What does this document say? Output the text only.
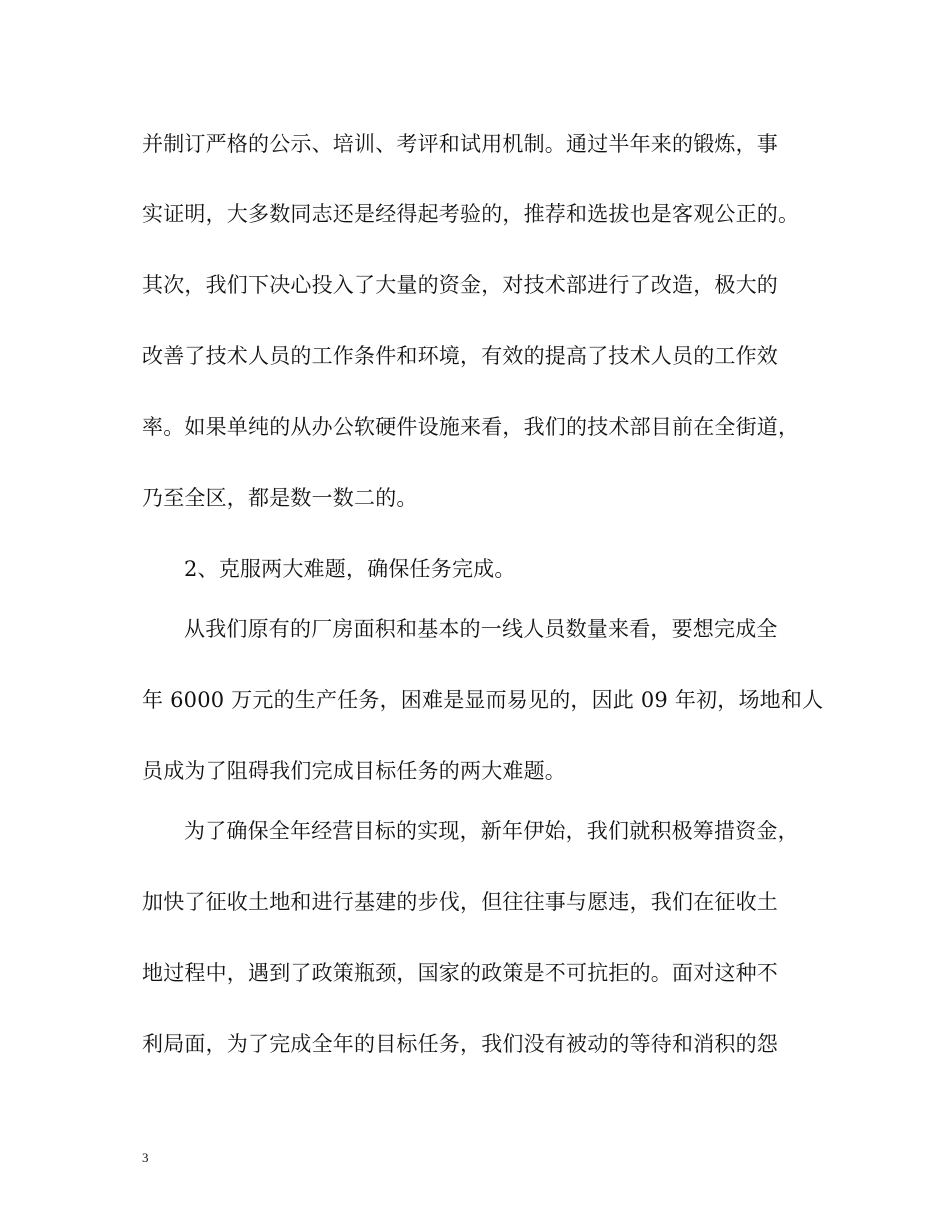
并制订严格的公示、培训、考评和试用机制。通过半年来的锻炼，事
实证明，大多数同志还是经得起考验的，推荐和选拔也是客观公正的。
其次，我们下决心投入了大量的资金，对技术部进行了改造，极大的
改善了技术人员的工作条件和环境，有效的提高了技术人员的工作效
率。如果单纯的从办公软硬件设施来看，我们的技术部目前在全街道，
乃至全区，都是数一数二的。
2、克服两大难题，确保任务完成。
从我们原有的厂房面积和基本的一线人员数量来看，要想完成全
年 6000 万元的生产任务，困难是显而易见的，因此 09 年初，场地和人
员成为了阻碍我们完成目标任务的两大难题。
为了确保全年经营目标的实现，新年伊始，我们就积极筹措资金，
加快了征收土地和进行基建的步伐，但往往事与愿违，我们在征收土
地过程中，遇到了政策瓶颈，国家的政策是不可抗拒的。面对这种不
利局面，为了完成全年的目标任务，我们没有被动的等待和消积的怨
3
